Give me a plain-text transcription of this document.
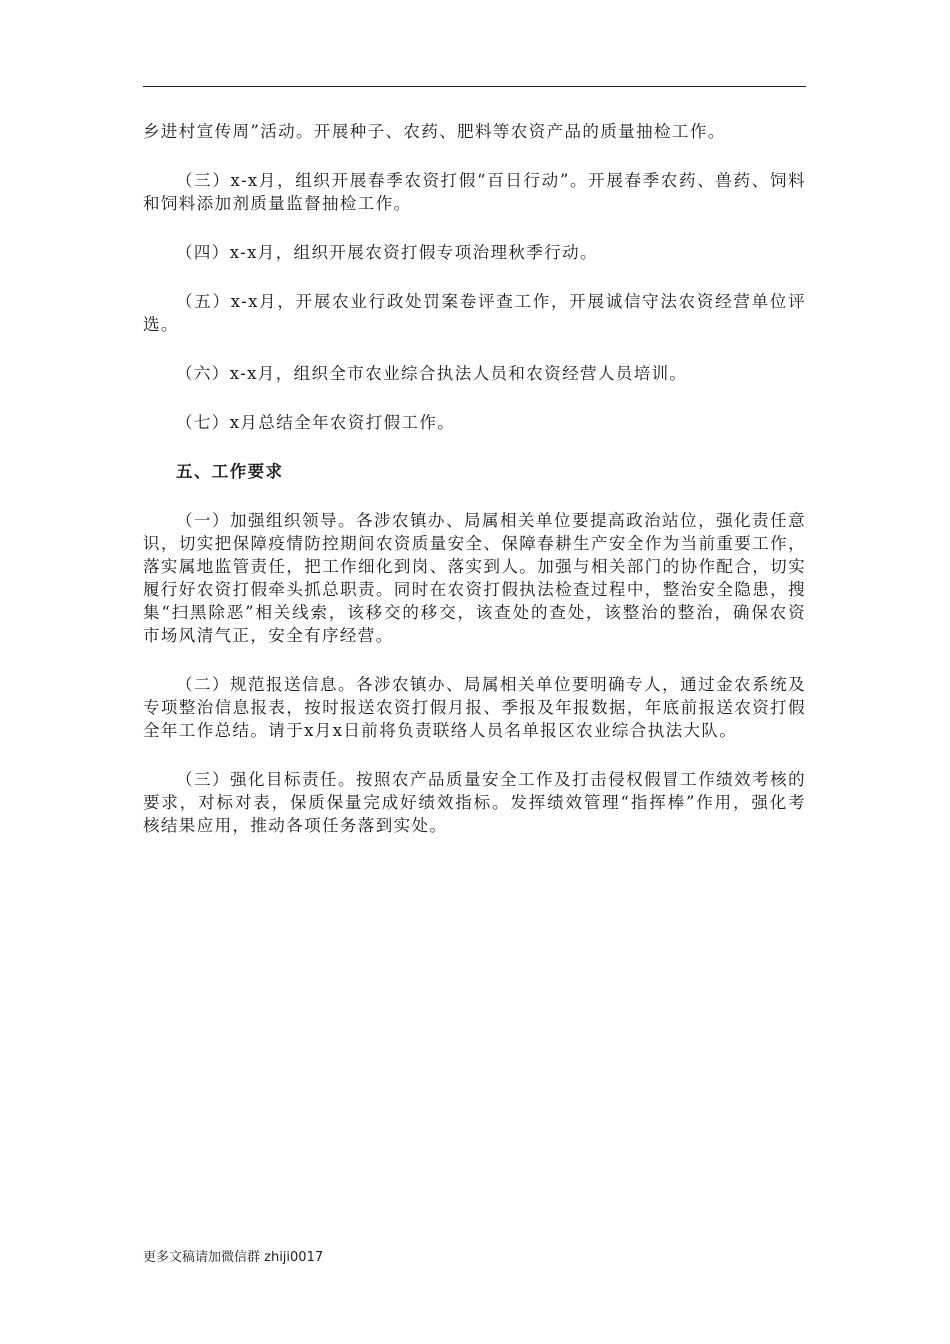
乡进村宣传周”活动。开展种子、农药、肥料等农资产品的质量抽检工作。

（三）x-x月，组织开展春季农资打假“百日行动”。开展春季农药、兽药、饲料和饲料添加剂质量监督抽检工作。

（四）x-x月，组织开展农资打假专项治理秋季行动。

（五）x-x月，开展农业行政处罚案卷评查工作，开展诚信守法农资经营单位评选。

（六）x-x月，组织全市农业综合执法人员和农资经营人员培训。

（七）x月总结全年农资打假工作。

五、工作要求

（一）加强组织领导。各涉农镇办、局属相关单位要提高政治站位，强化责任意识，切实把保障疫情防控期间农资质量安全、保障春耕生产安全作为当前重要工作，落实属地监管责任，把工作细化到岗、落实到人。加强与相关部门的协作配合，切实履行好农资打假牵头抓总职责。同时在农资打假执法检查过程中，整治安全隐患，搜集“扫黑除恶”相关线索，该移交的移交，该查处的查处，该整治的整治，确保农资市场风清气正，安全有序经营。

（二）规范报送信息。各涉农镇办、局属相关单位要明确专人，通过金农系统及专项整治信息报表，按时报送农资打假月报、季报及年报数据，年底前报送农资打假全年工作总结。请于x月x日前将负责联络人员名单报区农业综合执法大队。

（三）强化目标责任。按照农产品质量安全工作及打击侵权假冒工作绩效考核的要求，对标对表，保质保量完成好绩效指标。发挥绩效管理“指挥棒”作用，强化考核结果应用，推动各项任务落到实处。

更多文稿请加微信群 zhiji0017
